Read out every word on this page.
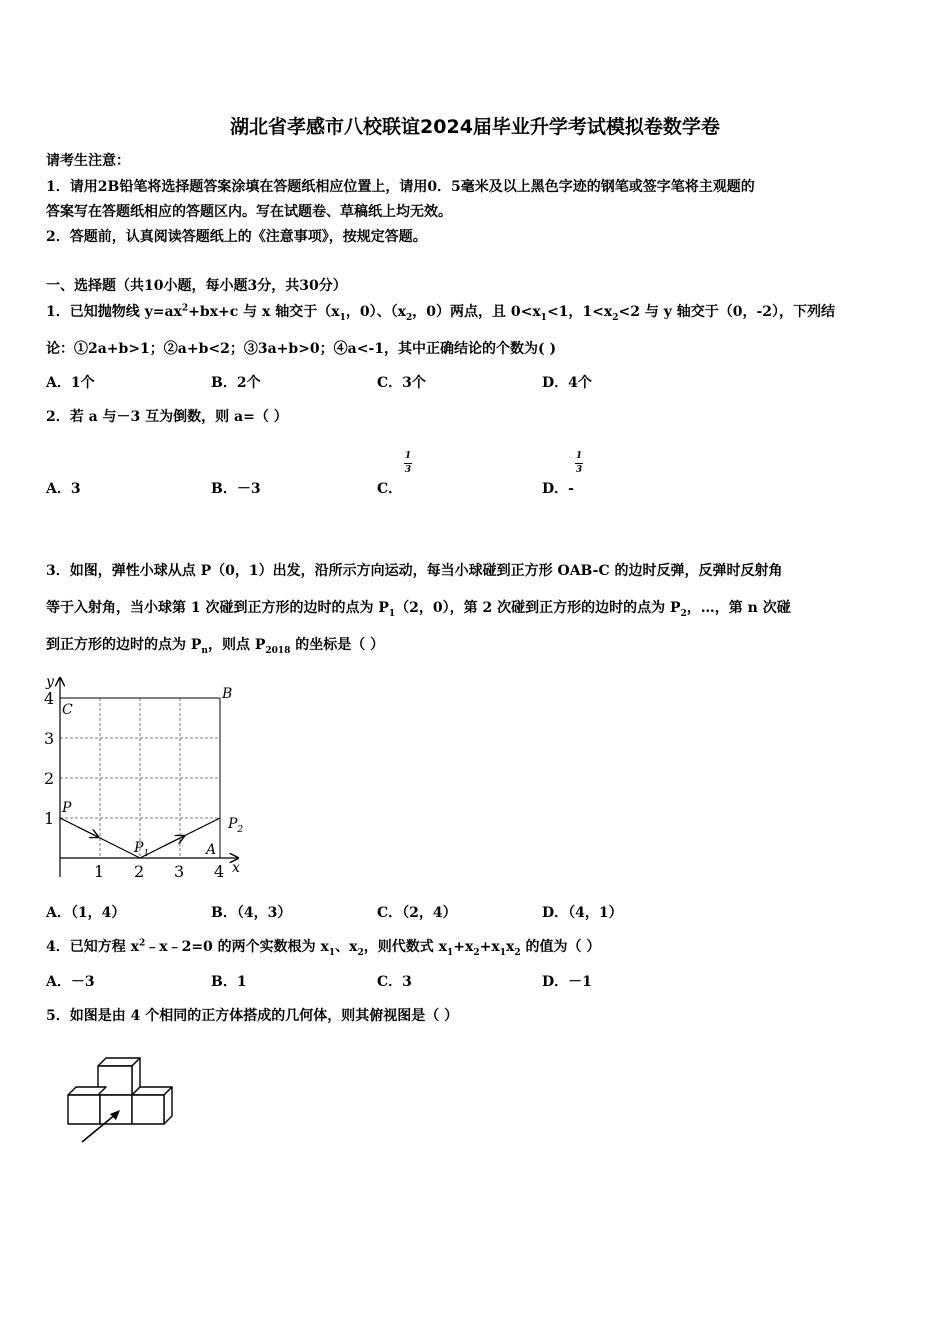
湖北省孝感市八校联谊2024届毕业升学考试模拟卷数学卷
请考生注意：
1．请用2B铅笔将选择题答案涂填在答题纸相应位置上，请用0．5毫米及以上黑色字迹的钢笔或签字笔将主观题的
答案写在答题纸相应的答题区内。写在试题卷、草稿纸上均无效。
2．答题前，认真阅读答题纸上的《注意事项》，按规定答题。
一、选择题（共10小题，每小题3分，共30分）
1．已知抛物线 $y=ax^2+bx+c$ 与 x 轴交于（$x_1$，0）、（$x_2$，0）两点，且 $0<x_1<1$，$1<x_2<2$ 与 y 轴交于（0，-2），下列结
论：①2a+b>1；②a+b<2；③3a+b>0；④a<-1，其中正确结论的个数为( )
A．1个	B．2个	C．3个	D．4个
2．若 a 与－3 互为倒数，则 a=（ ）
1
3
1
3
A．3	B．－3	C．	D．-
3．如图，弹性小球从点 P（0，1）出发，沿所示方向运动，每当小球碰到正方形 OAB-C 的边时反弹，反弹时反射角
等于入射角，当小球第 1 次碰到正方形的边时的点为 $P_1(2$，0），第 2 次碰到正方形的边时的点为 $P_2$，…，第 n 次碰
到正方形的边时的点为 $P_n$，则点 $P_{2018}$ 的坐标是（ ）
y
x
4
3
2
1
1 2 3 4
C
B
P
$P_1$
$P_2$
A
A．（1，4）	B．（4，3）	C．（2，4）	D．（4，1）
4．已知方程 $x^2﹣x﹣2=0$ 的两个实数根为 $x_1$、$x_2$，则代数式 $x_1+x_2+x_1x_2$ 的值为（ ）
A．－3	B．1	C．3	D．－1
5．如图是由 4 个相同的正方体搭成的几何体，则其俯视图是（ ）
